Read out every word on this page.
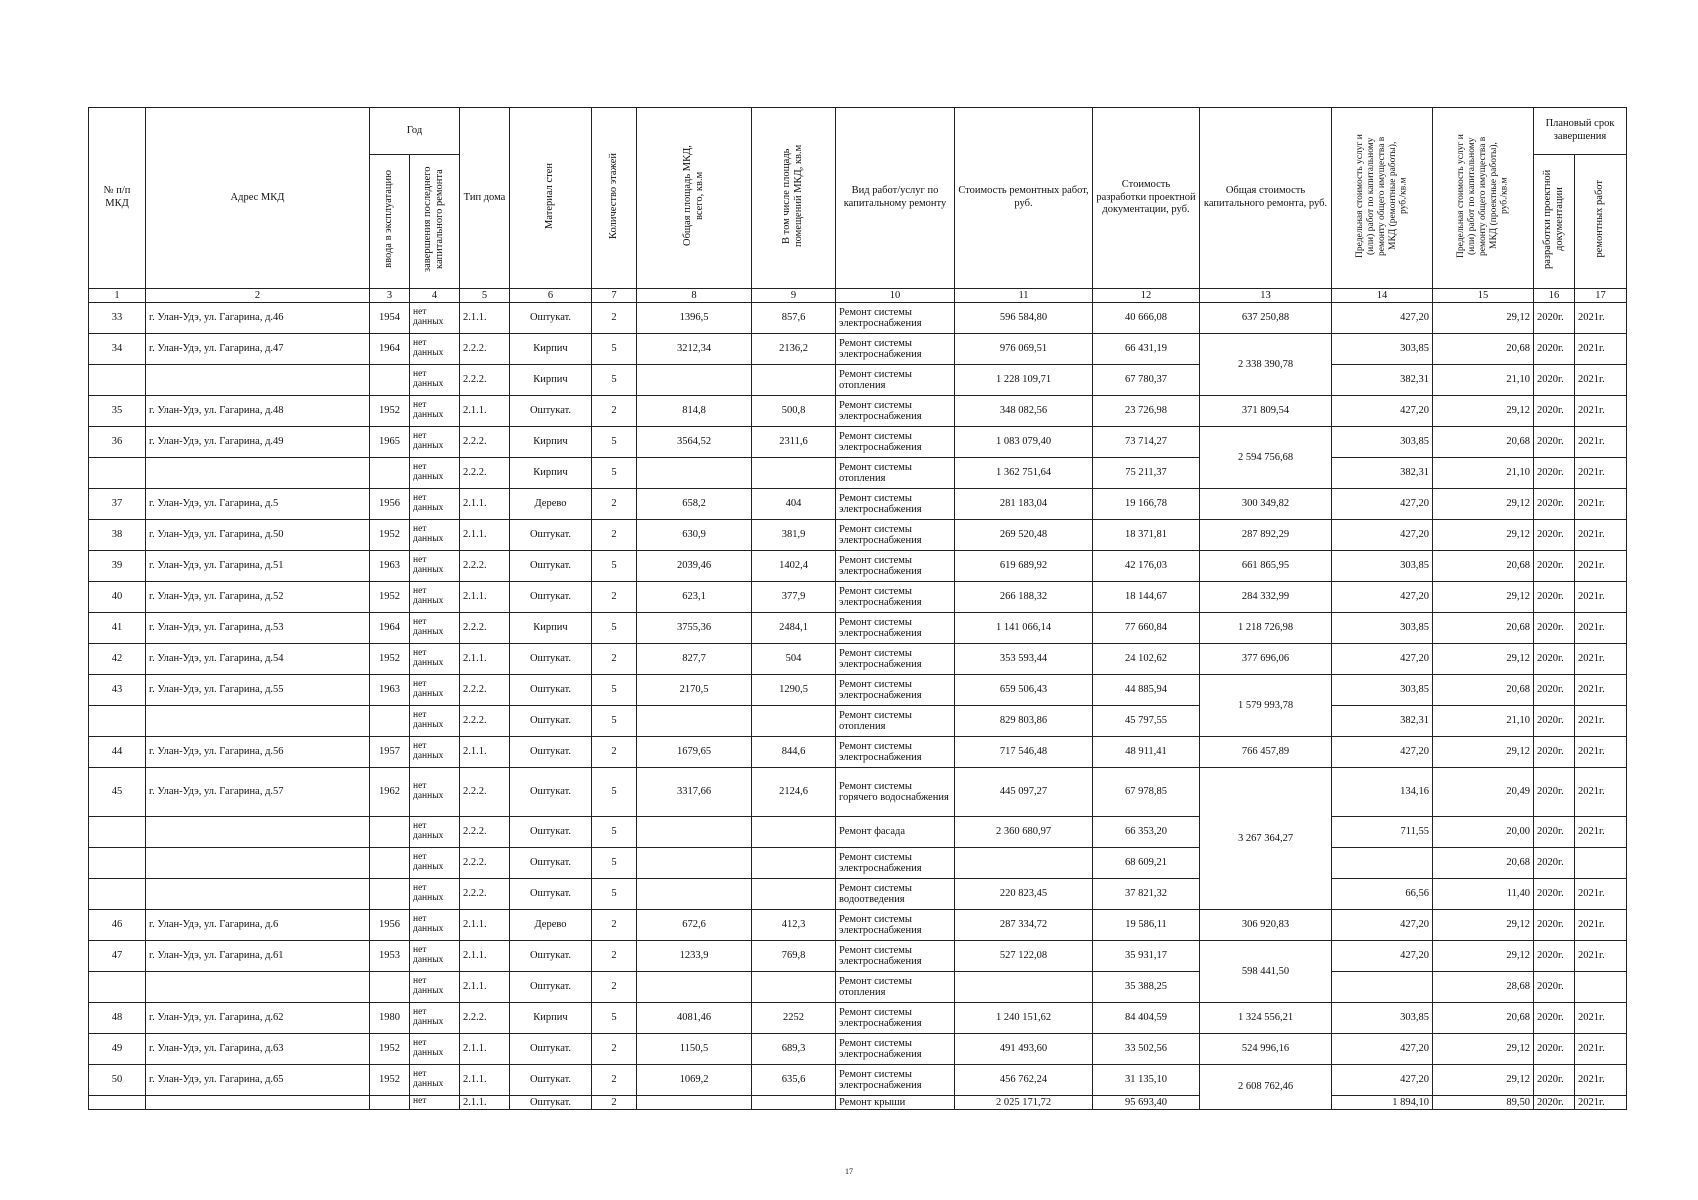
№ п/п МКД	Адрес МКД	Год		Тип дома	Материал стен	Количество этажей	Общая площадь МКД, всего, кв.м	В том числе площадь помещений МКД, кв.м	Вид работ/услуг по капитальному ремонту	Стоимость ремонтных работ, руб.	Стоимость разработки проектной документации, руб.	Общая стоимость капитального ремонта, руб.	Предельная стоимость услуг и (или) работ по капитальному ремонту общего имущества в МКД (ремонтные работы), руб./кв.м	Предельная стоимость услуг и (или) работ по капитальному ремонту общего имущества в МКД (проектные работы), руб./кв.м	Плановый срок завершения	
		ввода в эксплуатацию	завершения последнего капитального ремонта												разработки проектной документации	ремонтных работ
1	2	3	4	5	6	7	8	9	10	11	12	13	14	15	16	17
33	г. Улан-Удэ, ул. Гагарина, д.46	1954	нет данных	2.1.1.	Оштукат.	2	1396,5	857,6	Ремонт системы электроснабжения	596 584,80	40 666,08	637 250,88	427,20	29,12	2020г.	2021г.
34	г. Улан-Удэ, ул. Гагарина, д.47	1964	нет данных	2.2.2.	Кирпич	5	3212,34	2136,2	Ремонт системы электроснабжения	976 069,51	66 431,19	2 338 390,78	303,85	20,68	2020г.	2021г.
			нет данных	2.2.2.	Кирпич	5			Ремонт системы отопления	1 228 109,71	67 780,37		382,31	21,10	2020г.	2021г.
35	г. Улан-Удэ, ул. Гагарина, д.48	1952	нет данных	2.1.1.	Оштукат.	2	814,8	500,8	Ремонт системы электроснабжения	348 082,56	23 726,98	371 809,54	427,20	29,12	2020г.	2021г.
36	г. Улан-Удэ, ул. Гагарина, д.49	1965	нет данных	2.2.2.	Кирпич	5	3564,52	2311,6	Ремонт системы электроснабжения	1 083 079,40	73 714,27	2 594 756,68	303,85	20,68	2020г.	2021г.
			нет данных	2.2.2.	Кирпич	5			Ремонт системы отопления	1 362 751,64	75 211,37		382,31	21,10	2020г.	2021г.
37	г. Улан-Удэ, ул. Гагарина, д.5	1956	нет данных	2.1.1.	Дерево	2	658,2	404	Ремонт системы электроснабжения	281 183,04	19 166,78	300 349,82	427,20	29,12	2020г.	2021г.
38	г. Улан-Удэ, ул. Гагарина, д.50	1952	нет данных	2.1.1.	Оштукат.	2	630,9	381,9	Ремонт системы электроснабжения	269 520,48	18 371,81	287 892,29	427,20	29,12	2020г.	2021г.
39	г. Улан-Удэ, ул. Гагарина, д.51	1963	нет данных	2.2.2.	Оштукат.	5	2039,46	1402,4	Ремонт системы электроснабжения	619 689,92	42 176,03	661 865,95	303,85	20,68	2020г.	2021г.
40	г. Улан-Удэ, ул. Гагарина, д.52	1952	нет данных	2.1.1.	Оштукат.	2	623,1	377,9	Ремонт системы электроснабжения	266 188,32	18 144,67	284 332,99	427,20	29,12	2020г.	2021г.
41	г. Улан-Удэ, ул. Гагарина, д.53	1964	нет данных	2.2.2.	Кирпич	5	3755,36	2484,1	Ремонт системы электроснабжения	1 141 066,14	77 660,84	1 218 726,98	303,85	20,68	2020г.	2021г.
42	г. Улан-Удэ, ул. Гагарина, д.54	1952	нет данных	2.1.1.	Оштукат.	2	827,7	504	Ремонт системы электроснабжения	353 593,44	24 102,62	377 696,06	427,20	29,12	2020г.	2021г.
43	г. Улан-Удэ, ул. Гагарина, д.55	1963	нет данных	2.2.2.	Оштукат.	5	2170,5	1290,5	Ремонт системы электроснабжения	659 506,43	44 885,94	1 579 993,78	303,85	20,68	2020г.	2021г.
			нет данных	2.2.2.	Оштукат.	5			Ремонт системы отопления	829 803,86	45 797,55		382,31	21,10	2020г.	2021г.
44	г. Улан-Удэ, ул. Гагарина, д.56	1957	нет данных	2.1.1.	Оштукат.	2	1679,65	844,6	Ремонт системы электроснабжения	717 546,48	48 911,41	766 457,89	427,20	29,12	2020г.	2021г.
45	г. Улан-Удэ, ул. Гагарина, д.57	1962	нет данных	2.2.2.	Оштукат.	5	3317,66	2124,6	Ремонт системы горячего водоснабжения	445 097,27	67 978,85	3 267 364,27	134,16	20,49	2020г.	2021г.
			нет данных	2.2.2.	Оштукат.	5			Ремонт фасада	2 360 680,97	66 353,20		711,55	20,00	2020г.	2021г.
			нет данных	2.2.2.	Оштукат.	5			Ремонт системы электроснабжения		68 609,21			20,68	2020г.	
			нет данных	2.2.2.	Оштукат.	5			Ремонт системы водоотведения	220 823,45	37 821,32		66,56	11,40	2020г.	2021г.
46	г. Улан-Удэ, ул. Гагарина, д.6	1956	нет данных	2.1.1.	Дерево	2	672,6	412,3	Ремонт системы электроснабжения	287 334,72	19 586,11	306 920,83	427,20	29,12	2020г.	2021г.
47	г. Улан-Удэ, ул. Гагарина, д.61	1953	нет данных	2.1.1.	Оштукат.	2	1233,9	769,8	Ремонт системы электроснабжения	527 122,08	35 931,17	598 441,50	427,20	29,12	2020г.	2021г.
			нет данных	2.1.1.	Оштукат.	2			Ремонт системы отопления		35 388,25			28,68	2020г.	
48	г. Улан-Удэ, ул. Гагарина, д.62	1980	нет данных	2.2.2.	Кирпич	5	4081,46	2252	Ремонт системы электроснабжения	1 240 151,62	84 404,59	1 324 556,21	303,85	20,68	2020г.	2021г.
49	г. Улан-Удэ, ул. Гагарина, д.63	1952	нет данных	2.1.1.	Оштукат.	2	1150,5	689,3	Ремонт системы электроснабжения	491 493,60	33 502,56	524 996,16	427,20	29,12	2020г.	2021г.
50	г. Улан-Удэ, ул. Гагарина, д.65	1952	нет данных	2.1.1.	Оштукат.	2	1069,2	635,6	Ремонт системы электроснабжения	456 762,24	31 135,10	2 608 762,46	427,20	29,12	2020г.	2021г.
			нет	2.1.1.	Оштукат.	2			Ремонт крыши	2 025 171,72	95 693,40		1 894,10	89,50	2020г.	2021г.
17
